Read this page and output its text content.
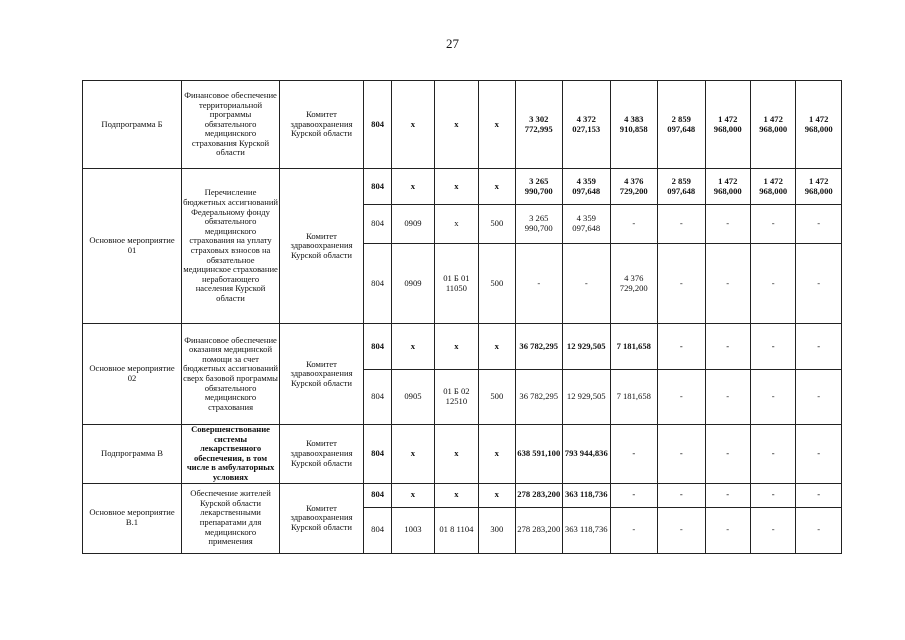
27
Подпрограмма Б	Финансовое обеспечение территориальной программы обязательного медицинского страхования Курской области	Комитет здравоохранения Курской области	804	x	x	x	3 302 772,995	4 372 027,153	4 383 910,858	2 859 097,648	1 472 968,000	1 472 968,000	1 472 968,000
Основное мероприятие 01	Перечисление бюджетных ассигнований Федеральному фонду обязательного медицинского страхования на уплату страховых взносов на обязательное медицинское страхование неработающего населения Курской области	Комитет здравоохранения Курской области	804	x	x	x	3 265 990,700	4 359 097,648	4 376 729,200	2 859 097,648	1 472 968,000	1 472 968,000	1 472 968,000
			804	0909	x	500	3 265 990,700	4 359 097,648	-	-	-	-	-
			804	0909	01 Б 01 11050	500	-	-	4 376 729,200	-	-	-	-
Основное мероприятие 02	Финансовое обеспечение оказания медицинской помощи за счет бюджетных ассигнований сверх базовой программы обязательного медицинского страхования	Комитет здравоохранения Курской области	804	x	x	x	36 782,295	12 929,505	7 181,658	-	-	-	-
			804	0905	01 Б 02 12510	500	36 782,295	12 929,505	7 181,658	-	-	-	-
Подпрограмма В	Совершенствование системы лекарственного обеспечения, в том числе в амбулаторных условиях	Комитет здравоохранения Курской области	804	x	x	x	638 591,100	793 944,836	-	-	-	-	-
Основное мероприятие В.1	Обеспечение жителей Курской области лекарственными препаратами для медицинского применения	Комитет здравоохранения Курской области	804	x	x	x	278 283,200	363 118,736	-	-	-	-	-
			804	1003	01 8 1104	300	278 283,200	363 118,736	-	-	-	-	-
